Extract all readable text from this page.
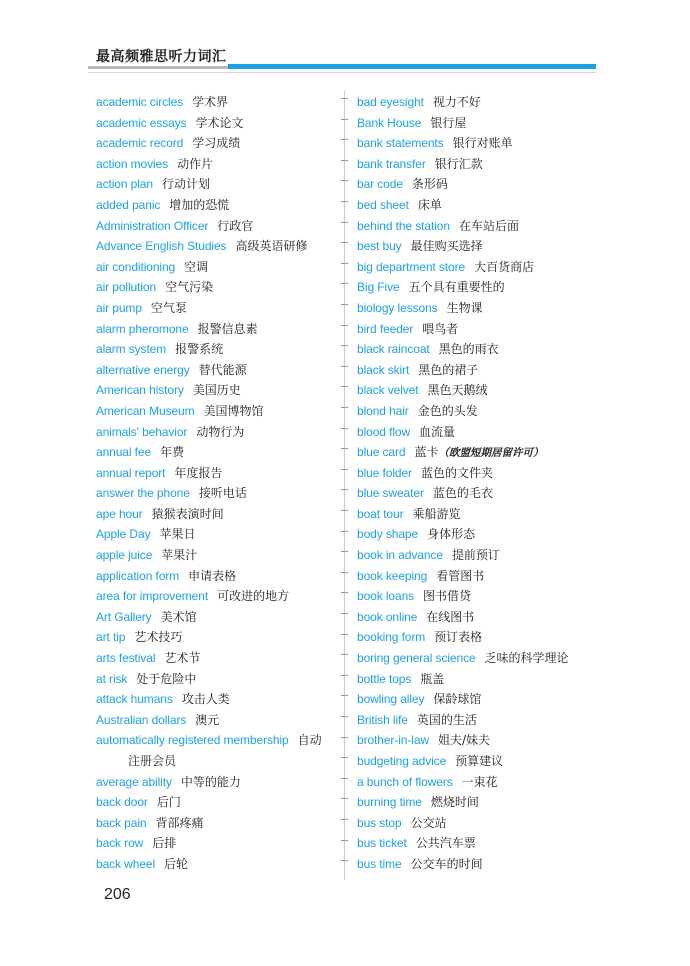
最高频雅思听力词汇
academic circles 学术界
academic essays 学术论文
academic record 学习成绩
action movies 动作片
action plan 行动计划
added panic 增加的恐慌
Administration Officer 行政官
Advance English Studies 高级英语研修
air conditioning 空调
air pollution 空气污染
air pump 空气泵
alarm pheromone 报警信息素
alarm system 报警系统
alternative energy 替代能源
American history 美国历史
American Museum 美国博物馆
animals' behavior 动物行为
annual fee 年费
annual report 年度报告
answer the phone 接听电话
ape hour 猿猴表演时间
Apple Day 苹果日
apple juice 苹果汁
application form 申请表格
area for improvement 可改进的地方
Art Gallery 美术馆
art tip 艺术技巧
arts festival 艺术节
at risk 处于危险中
attack humans 攻击人类
Australian dollars 澳元
automatically registered membership 自动
注册会员
average ability 中等的能力
back door 后门
back pain 背部疼痛
back row 后排
back wheel 后轮
bad eyesight 视力不好
Bank House 银行屋
bank statements 银行对账单
bank transfer 银行汇款
bar code 条形码
bed sheet 床单
behind the station 在车站后面
best buy 最佳购买选择
big department store 大百货商店
Big Five 五个具有重要性的
biology lessons 生物课
bird feeder 喂鸟者
black raincoat 黑色的雨衣
black skirt 黑色的裙子
black velvet 黑色天鹅绒
blond hair 金色的头发
blood flow 血流量
blue card 蓝卡（欧盟短期居留许可）
blue folder 蓝色的文件夹
blue sweater 蓝色的毛衣
boat tour 乘船游览
body shape 身体形态
book in advance 提前预订
book keeping 看管图书
book loans 图书借贷
book online 在线图书
booking form 预订表格
boring general science 乏味的科学理论
bottle tops 瓶盖
bowling alley 保龄球馆
British life 英国的生活
brother-in-law 姐夫/妹夫
budgeting advice 预算建议
a bunch of flowers 一束花
burning time 燃烧时间
bus stop 公交站
bus ticket 公共汽车票
bus time 公交车的时间
206
